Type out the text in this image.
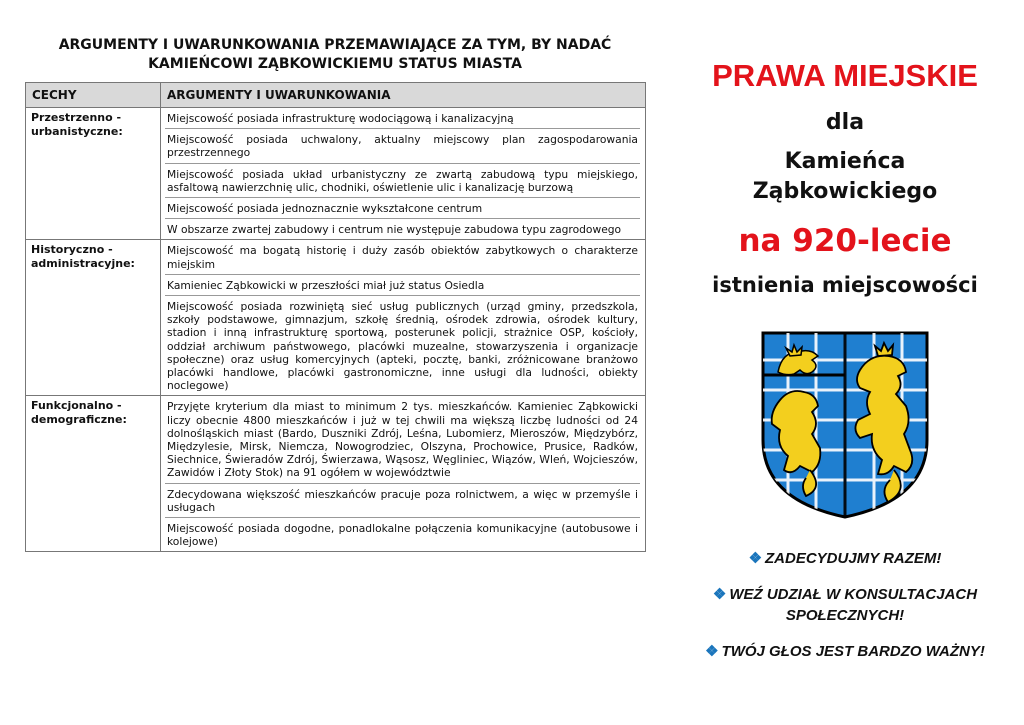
ARGUMENTY I UWARUNKOWANIA PRZEMAWIAJĄCE ZA TYM, BY NADAĆ
KAMIEŃCOWI ZĄBKOWICKIEMU STATUS MIASTA
CECHY	ARGUMENTY I UWARUNKOWANIA
Przestrzenno - urbanistyczne:	Miejscowość posiada infrastrukturę wodociągową i kanalizacyjną
Miejscowość posiada uchwalony, aktualny miejscowy plan zagospodarowania przestrzennego
Miejscowość posiada układ urbanistyczny ze zwartą zabudową typu miejskiego, asfaltową nawierzchnię ulic, chodniki, oświetlenie ulic i kanalizację burzową
Miejscowość posiada jednoznacznie wykształcone centrum
W obszarze zwartej zabudowy i centrum nie występuje zabudowa typu zagrodowego

Historyczno - administracyjne:	Miejscowość ma bogatą historię i duży zasób obiektów zabytkowych o charakterze miejskim
Kamieniec Ząbkowicki w przeszłości miał już status Osiedla
Miejscowość posiada rozwiniętą sieć usług publicznych (urząd gminy, przedszkola, szkoły podstawowe, gimnazjum, szkołę średnią, ośrodek zdrowia, ośrodek kultury, stadion i inną infrastrukturę sportową, posterunek policji, strażnice OSP, kościoły, oddział archiwum państwowego, placówki muzealne, stowarzyszenia i organizacje społeczne) oraz usług komercyjnych (apteki, pocztę, banki, zróżnicowane branżowo placówki handlowe, placówki gastronomiczne, inne usługi dla ludności, obiekty noclegowe)

Funkcjonalno - demograficzne:	Przyjęte kryterium dla miast to minimum 2 tys. mieszkańców. Kamieniec Ząbkowicki liczy obecnie 4800 mieszkańców i już w tej chwili ma większą liczbę ludności od 24 dolnośląskich miast (Bardo, Duszniki Zdrój, Leśna, Lubomierz, Mieroszów, Międzybórz, Międzylesie, Mirsk, Niemcza, Nowogrodziec, Olszyna, Prochowice, Prusice, Radków, Siechnice, Świeradów Zdrój, Świerzawa, Wąsosz, Węgliniec, Wiązów, Wleń, Wojcieszów, Zawidów i Złoty Stok) na 91 ogółem w województwie
Zdecydowana większość mieszkańców pracuje poza rolnictwem, a więc w przemyśle i usługach
Miejscowość posiada dogodne, ponadlokalne połączenia komunikacyjne (autobusowe i kolejowe)
PRAWA MIEJSKIE
dla
Kamieńca
Ząbkowickiego
na 920-lecie
istnienia miejscowości
❖ ZADECYDUJMY RAZEM!
❖ WEŹ UDZIAŁ W KONSULTACJACH SPOŁECZNYCH!
❖ TWÓJ GŁOS JEST BARDZO WAŻNY!
